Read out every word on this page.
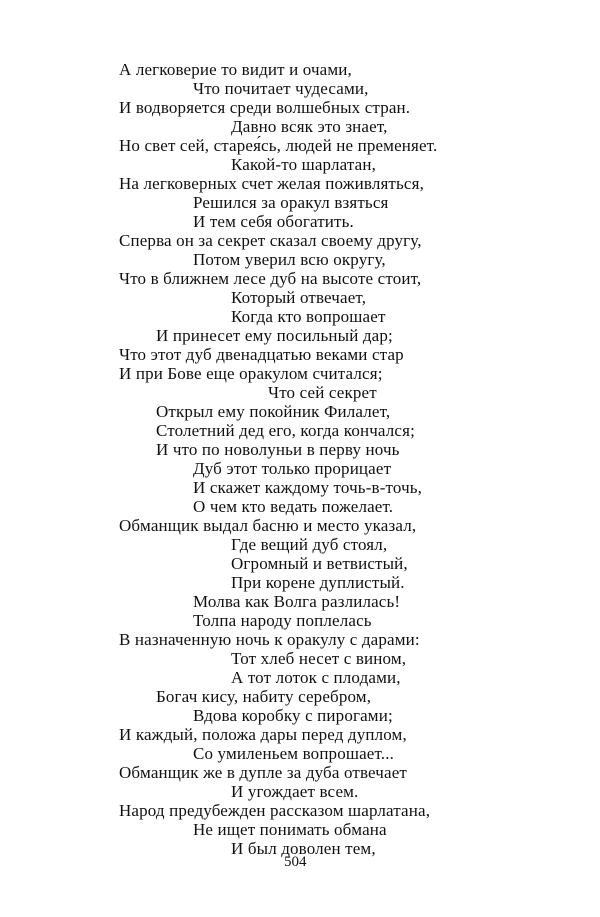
А легковерие то видит и очами,
Что почитает чудесами,
И водворяется среди волшебных стран.
Давно всяк это знает,
Но свет сей, старея́сь, людей не пременяет.
Какой-то шарлатан,
На легковерных счет желая поживляться,
Решился за оракул взяться
И тем себя обогатить.
Сперва он за секрет сказал своему другу,
Потом уверил всю округу,
Что в ближнем лесе дуб на высоте стоит,
Который отвечает,
Когда кто вопрошает
И принесет ему посильный дар;
Что этот дуб двенадцатью веками стар
И при Бове еще оракулом считался;
Что сей секрет
Открыл ему покойник Филалет,
Столетний дед его, когда кончался;
И что по новолуньи в перву ночь
Дуб этот только прорицает
И скажет каждому точь-в-точь,
О чем кто ведать пожелает.
Обманщик выдал басню и место указал,
Где вещий дуб стоял,
Огромный и ветвистый,
При корене дуплистый.
Молва как Волга разлилась!
Толпа народу поплелась
В назначенную ночь к оракулу с дарами:
Тот хлеб несет с вином,
А тот лоток с плодами,
Богач кису, набиту серебром,
Вдова коробку с пирогами;
И каждый, положа дары перед дуплом,
Со умиленьем вопрошает...
Обманщик же в дупле за дуба отвечает
И угождает всем.
Народ предубежден рассказом шарлатана,
Не ищет понимать обмана
И был доволен тем,
504
